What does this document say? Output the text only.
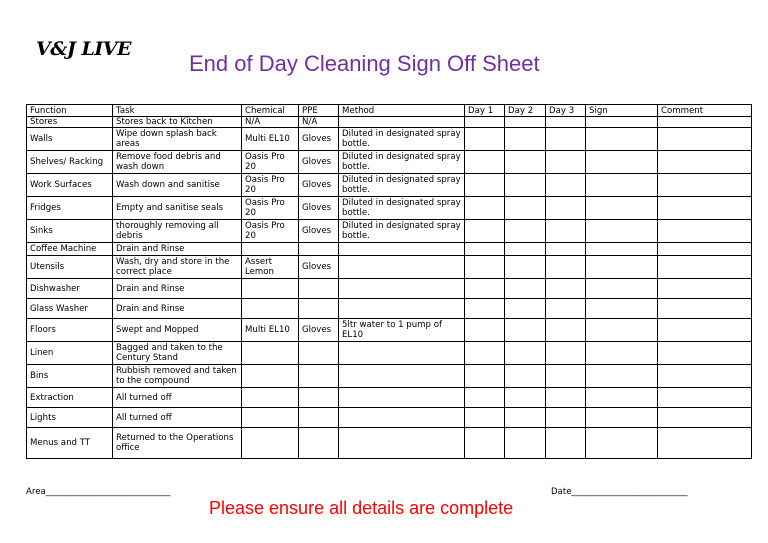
V&J LIVE
End of Day Cleaning Sign Off Sheet
Function	Task	Chemical	PPE	Method	Day 1	Day 2	Day 3	Sign	Comment
Stores	Stores back to Kitchen	N/A	N/A						
Walls	Wipe down splash back areas	Multi EL10	Gloves	Diluted in designated spray bottle.					
Shelves/ Racking	Remove food debris and wash down	Oasis Pro 20	Gloves	Diluted in designated spray bottle.					
Work Surfaces	Wash down and sanitise	Oasis Pro 20	Gloves	Diluted in designated spray bottle.					
Fridges	Empty and sanitise seals	Oasis Pro 20	Gloves	Diluted in designated spray bottle.					
Sinks	thoroughly removing all debris	Oasis Pro 20	Gloves	Diluted in designated spray bottle.					
Coffee Machine	Drain and Rinse								
Utensils	Wash, dry and store in the correct place	Assert Lemon	Gloves						
Dishwasher	Drain and Rinse								
Glass Washer	Drain and Rinse								
Floors	Swept and Mopped	Multi EL10	Gloves	5ltr water to 1 pump of EL10					
Linen	Bagged and taken to the Century Stand								
Bins	Rubbish removed and taken to the compound								
Extraction	All turned off								
Lights	All turned off								
Menus and TT	Returned to the Operations office								
Area_____________________________	Date___________________________
Please ensure all details are complete
